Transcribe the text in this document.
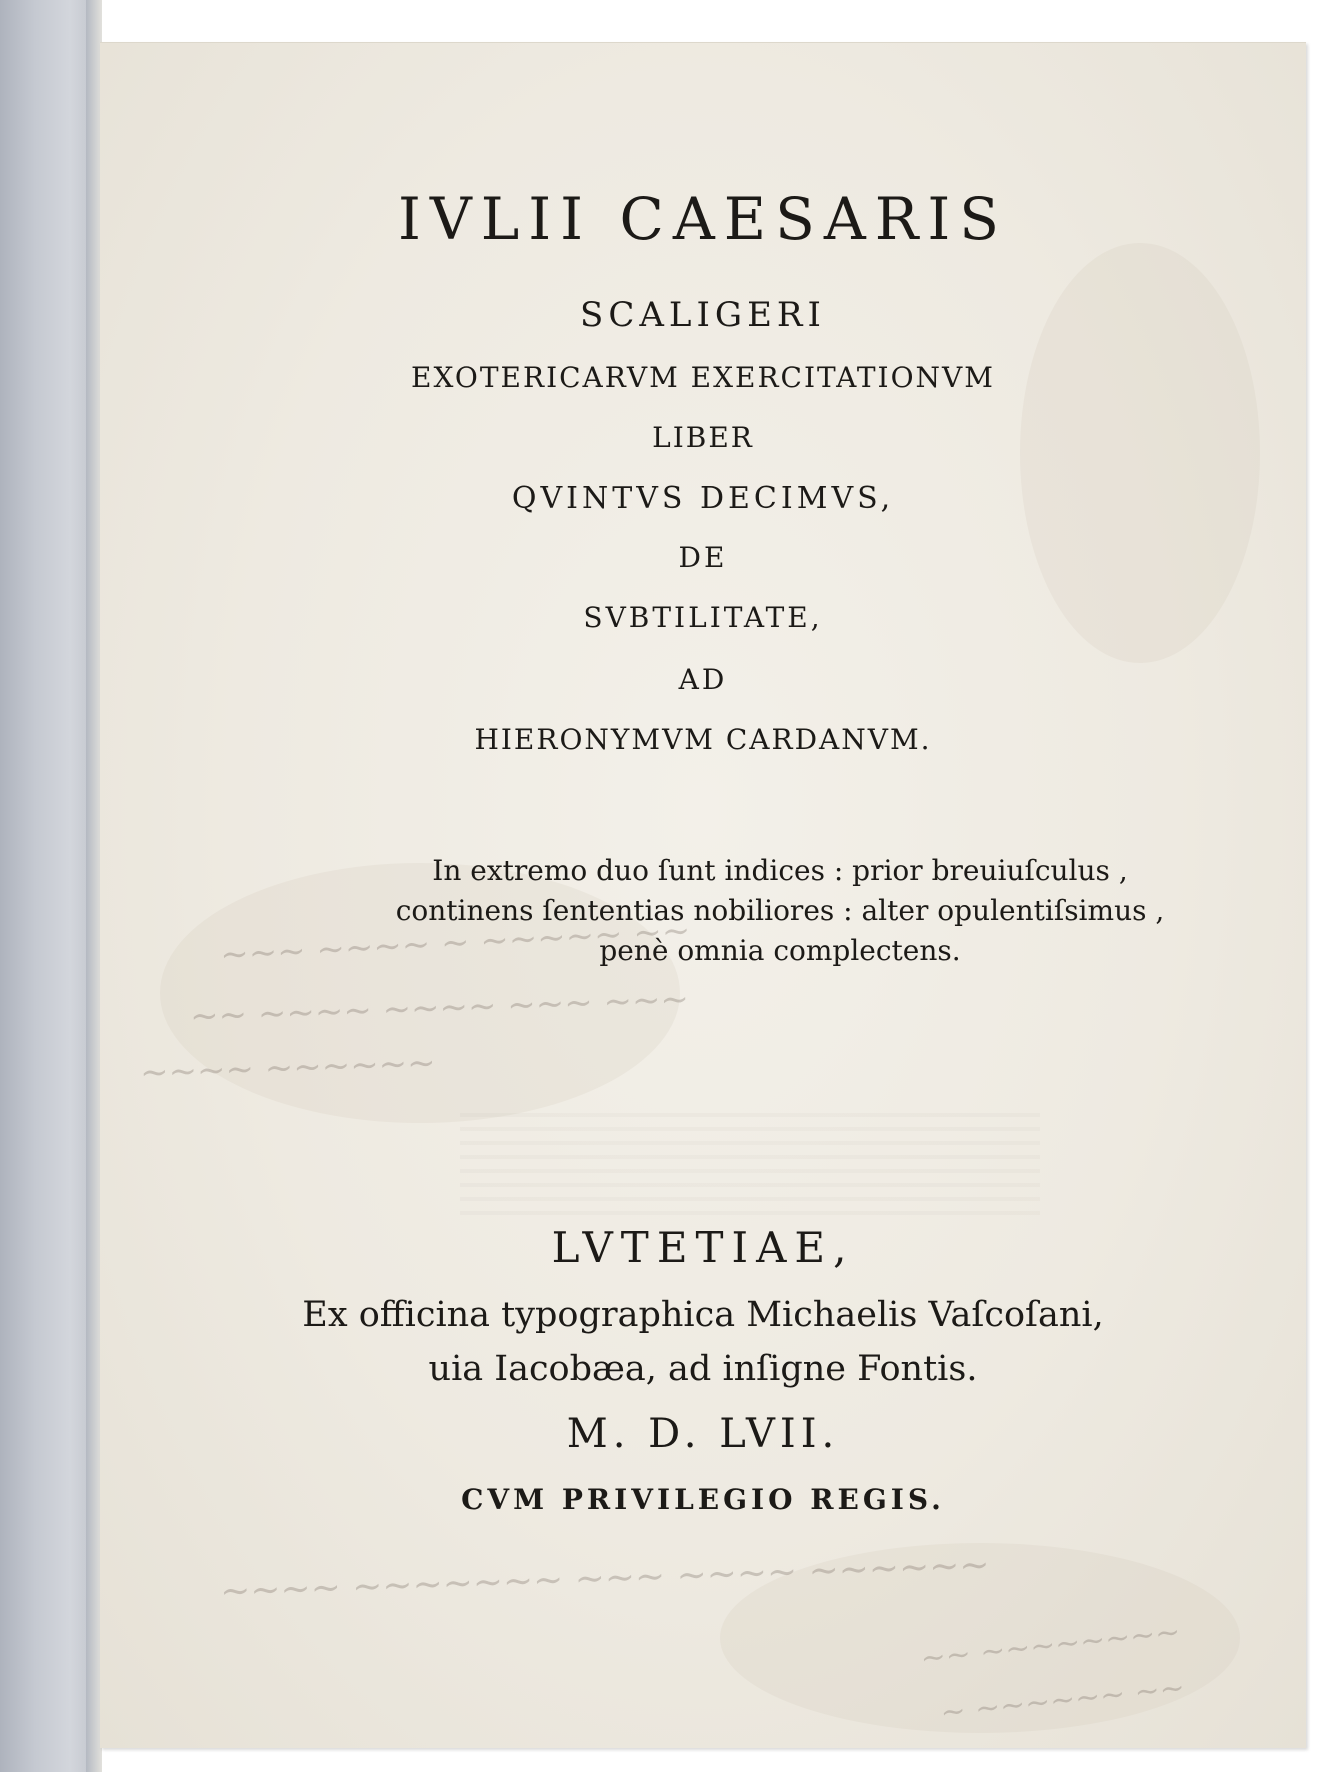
IVLII CAESARIS
SCALIGERI
EXOTERICARVM EXERCITATIONVM
LIBER
QVINTVS DECIMVS,
DE
SVBTILITATE,
AD
HIERONYMVM CARDANVM.
In extremo duo ſunt indices : prior breuiuſculus , continens ſententias nobiliores : alter opulentiſsimus , penè omnia complectens.
~~~ ~~~~ ~ ~~~~~ ~~
~~ ~~~~ ~~~~ ~~~ ~~~
~~~~ ~~~~~~
LVTETIAE,
Ex officina typographica Michaelis Vaſcoſani,
uia Iacobæa, ad inſigne Fontis.
M. D. LVII.
CVM PRIVILEGIO REGIS.
~~~~ ~~~~~~~ ~~~ ~~~~ ~~~~~~
~~ ~~~~~~~~
~ ~~~~~~ ~~
